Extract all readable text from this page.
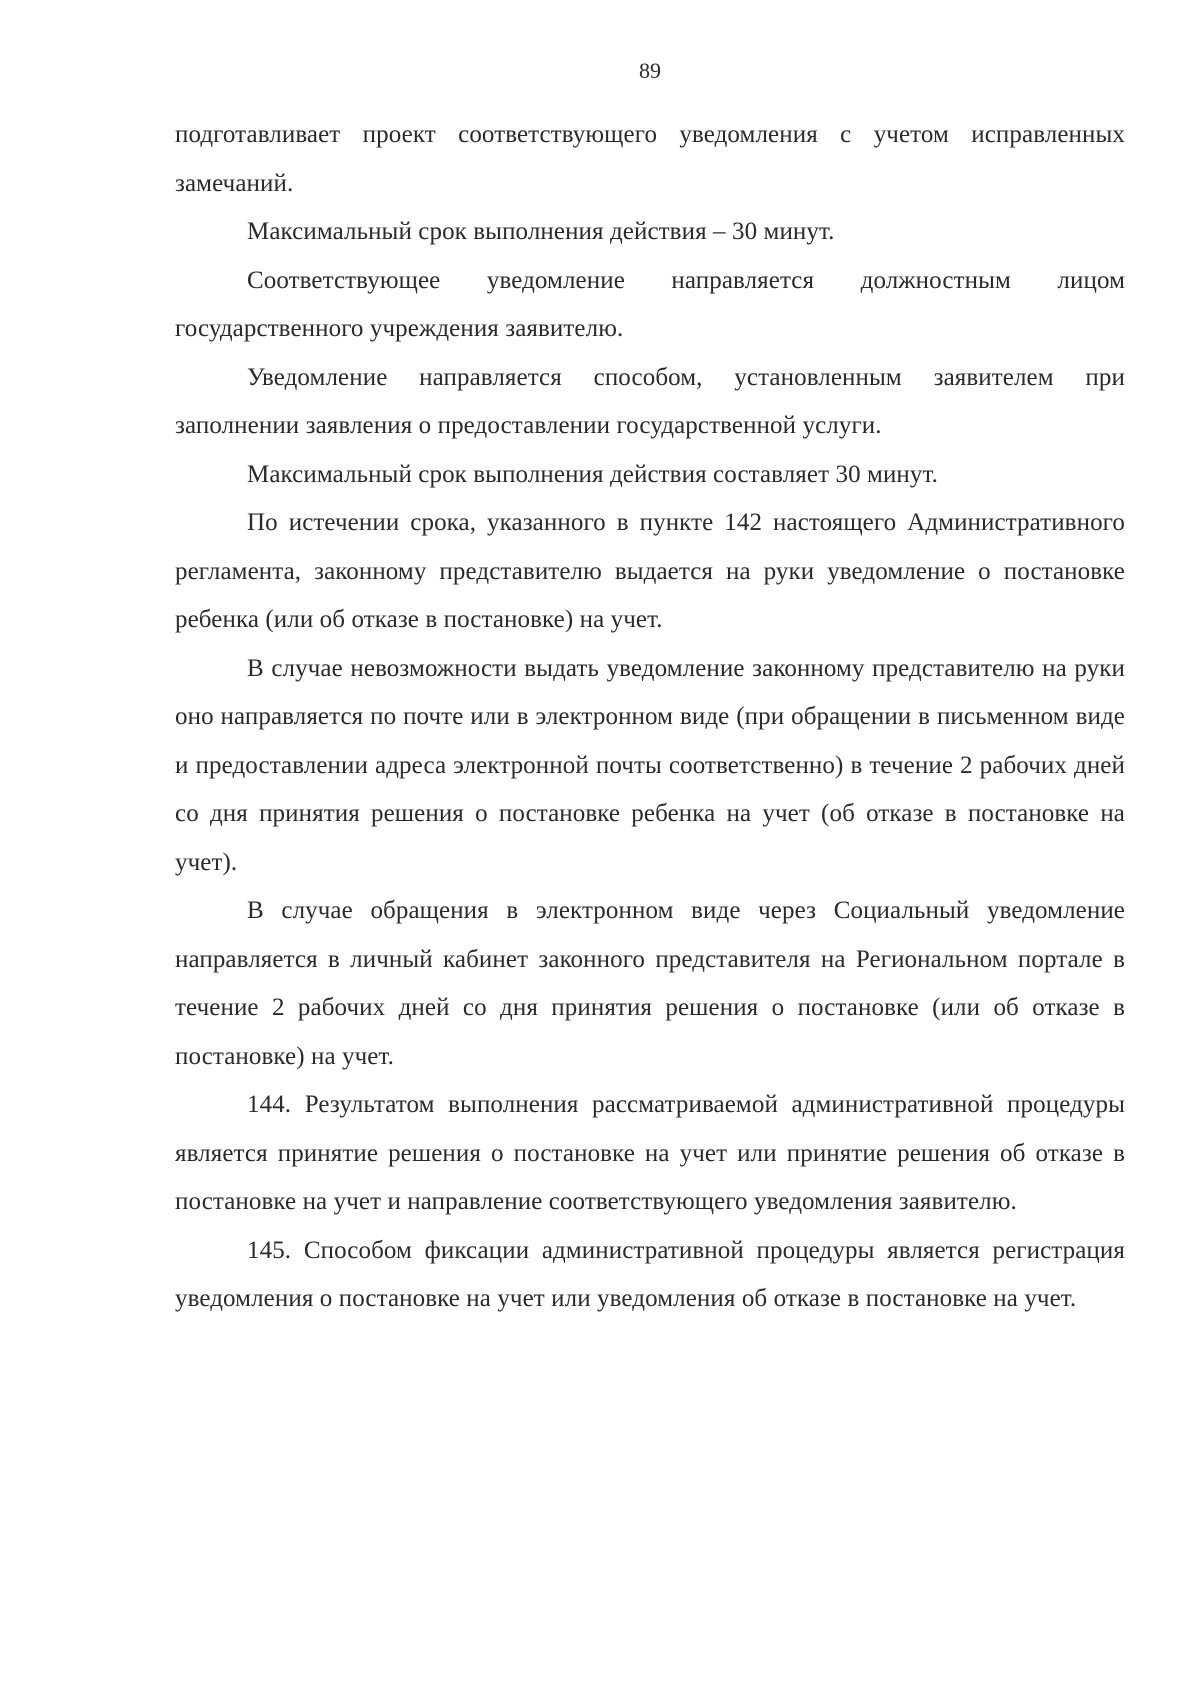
89

подготавливает проект соответствующего уведомления с учетом исправленных замечаний.

Максимальный срок выполнения действия – 30 минут.

Соответствующее уведомление направляется должностным лицом государственного учреждения заявителю.

Уведомление направляется способом, установленным заявителем при заполнении заявления о предоставлении государственной услуги.

Максимальный срок выполнения действия составляет 30 минут.

По истечении срока, указанного в пункте 142 настоящего Административного регламента, законному представителю выдается на руки уведомление о постановке ребенка (или об отказе в постановке) на учет.

В случае невозможности выдать уведомление законному представителю на руки оно направляется по почте или в электронном виде (при обращении в письменном виде и предоставлении адреса электронной почты соответственно) в течение 2 рабочих дней со дня принятия решения о постановке ребенка на учет (об отказе в постановке на учет).

В случае обращения в электронном виде через Социальный уведомление направляется в личный кабинет законного представителя на Региональном портале в течение 2 рабочих дней со дня принятия решения о постановке (или об отказе в постановке) на учет.

144. Результатом выполнения рассматриваемой административной процедуры является принятие решения о постановке на учет или принятие решения об отказе в постановке на учет и направление соответствующего уведомления заявителю.

145. Способом фиксации административной процедуры является регистрация уведомления о постановке на учет или уведомления об отказе в постановке на учет.
